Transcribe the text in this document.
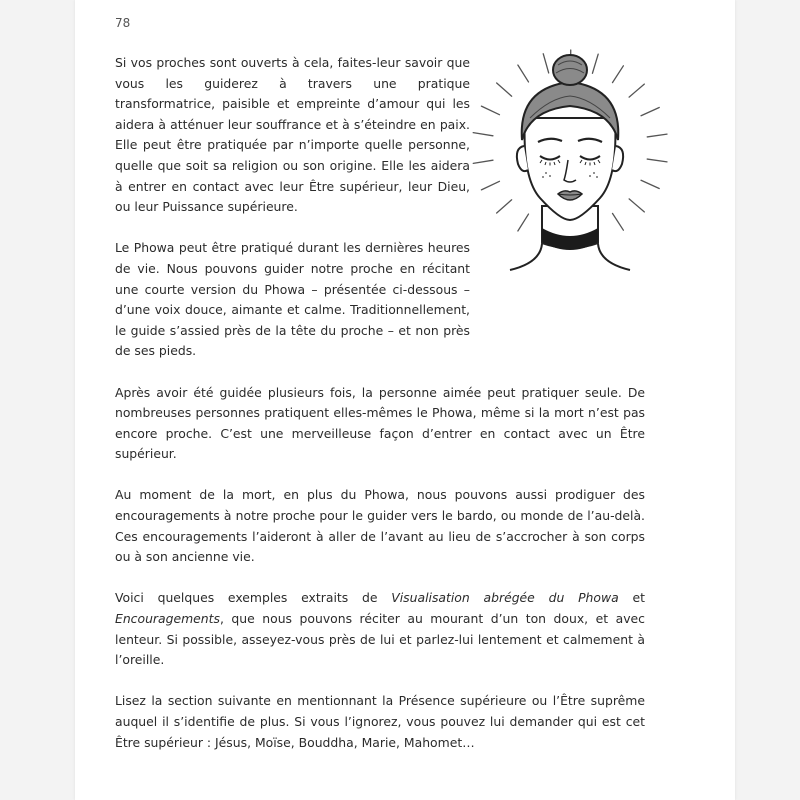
78

Si vos proches sont ouverts à cela, faites-leur savoir que vous les guiderez à travers une pratique transformatrice, paisible et empreinte d’amour qui les aidera à atténuer leur souffrance et à s’éteindre en paix. Elle peut être pratiquée par n’importe quelle personne, quelle que soit sa religion ou son origine. Elle les aidera à entrer en contact avec leur Être supérieur, leur Dieu, ou leur Puissance supérieure.

Le Phowa peut être pratiqué durant les dernières heures de vie. Nous pouvons guider notre proche en récitant une courte version du Phowa – présentée ci-dessous – d’une voix douce, aimante et calme. Traditionnellement, le guide s’assied près de la tête du proche – et non près de ses pieds.

Après avoir été guidée plusieurs fois, la personne aimée peut pratiquer seule. De nombreuses personnes pratiquent elles-mêmes le Phowa, même si la mort n’est pas encore proche. C’est une merveilleuse façon d’entrer en contact avec un Être supérieur.

Au moment de la mort, en plus du Phowa, nous pouvons aussi prodiguer des encouragements à notre proche pour le guider vers le bardo, ou monde de l’au-delà. Ces encouragements l’aideront à aller de l’avant au lieu de s’accrocher à son corps ou à son ancienne vie.

Voici quelques exemples extraits de Visualisation abrégée du Phowa et Encouragements, que nous pouvons réciter au mourant d’un ton doux, et avec lenteur. Si possible, asseyez-vous près de lui et parlez-lui lentement et calmement à l’oreille.

Lisez la section suivante en mentionnant la Présence supérieure ou l’Être suprême auquel il s’identifie de plus. Si vous l’ignorez, vous pouvez lui demander qui est cet Être supérieur : Jésus, Moïse, Bouddha, Marie, Mahomet…
